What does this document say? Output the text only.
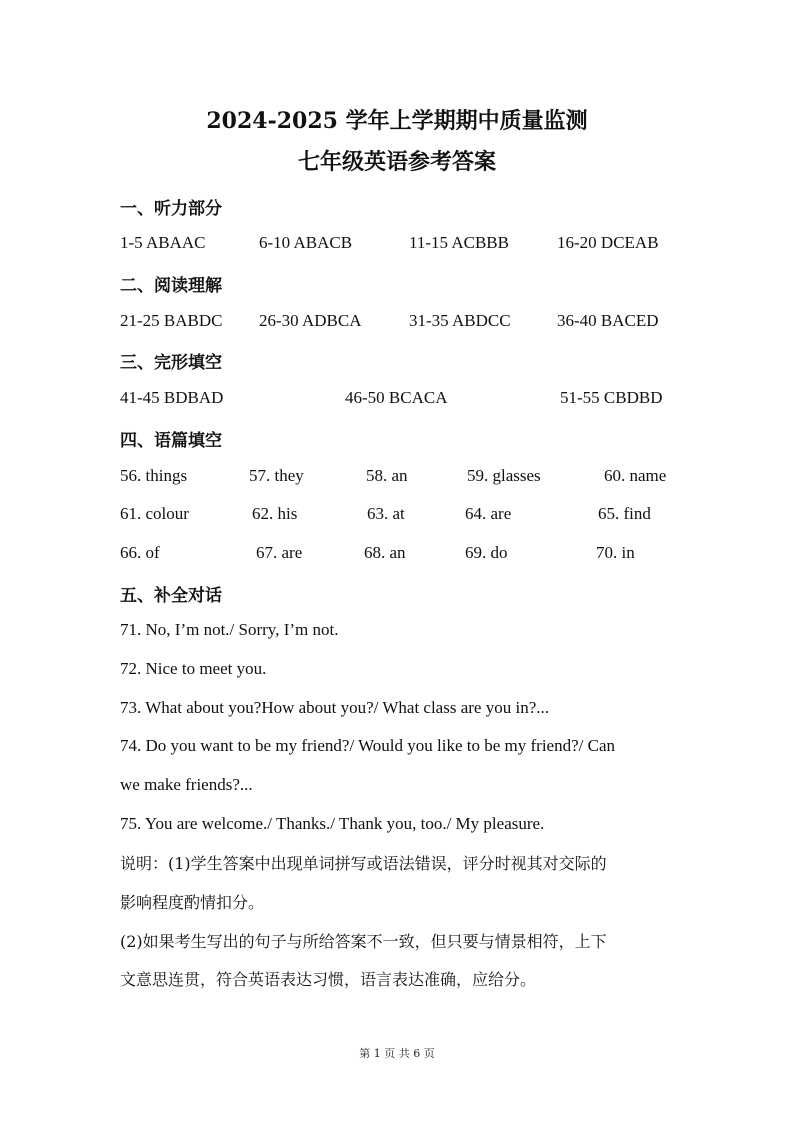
2024-2025 学年上学期期中质量监测
七年级英语参考答案
一、听力部分
1-5 ABAAC	6-10 ABACB	11-15 ACBBB	16-20 DCEAB
二、阅读理解
21-25 BABDC 26-30 ADBCA	31-35 ABDCC	36-40 BACED
三、完形填空
41-45 BDBAD	46-50 BCACA	51-55 CBDBD
四、语篇填空
56. things	57. they	58. an	59. glasses	60. name
61. colour	62. his	63. at	64. are	65. find
66. of	67. are	68. an	69. do	70. in
五、补全对话
71. No, I’m not./ Sorry, I’m not.
72. Nice to meet you.
73. What about you?How about you?/ What class are you in?...
74. Do you want to be my friend?/ Would you like to be my friend?/ Can
we make friends?...
75. You are welcome./ Thanks./ Thank you, too./ My pleasure.
说明：(1)学生答案中出现单词拼写或语法错误，评分时视其对交际的
影响程度酌情扣分。
(2)如果考生写出的句子与所给答案不一致，但只要与情景相符，上下
文意思连贯，符合英语表达习惯，语言表达准确，应给分。
第 1 页 共 6 页
